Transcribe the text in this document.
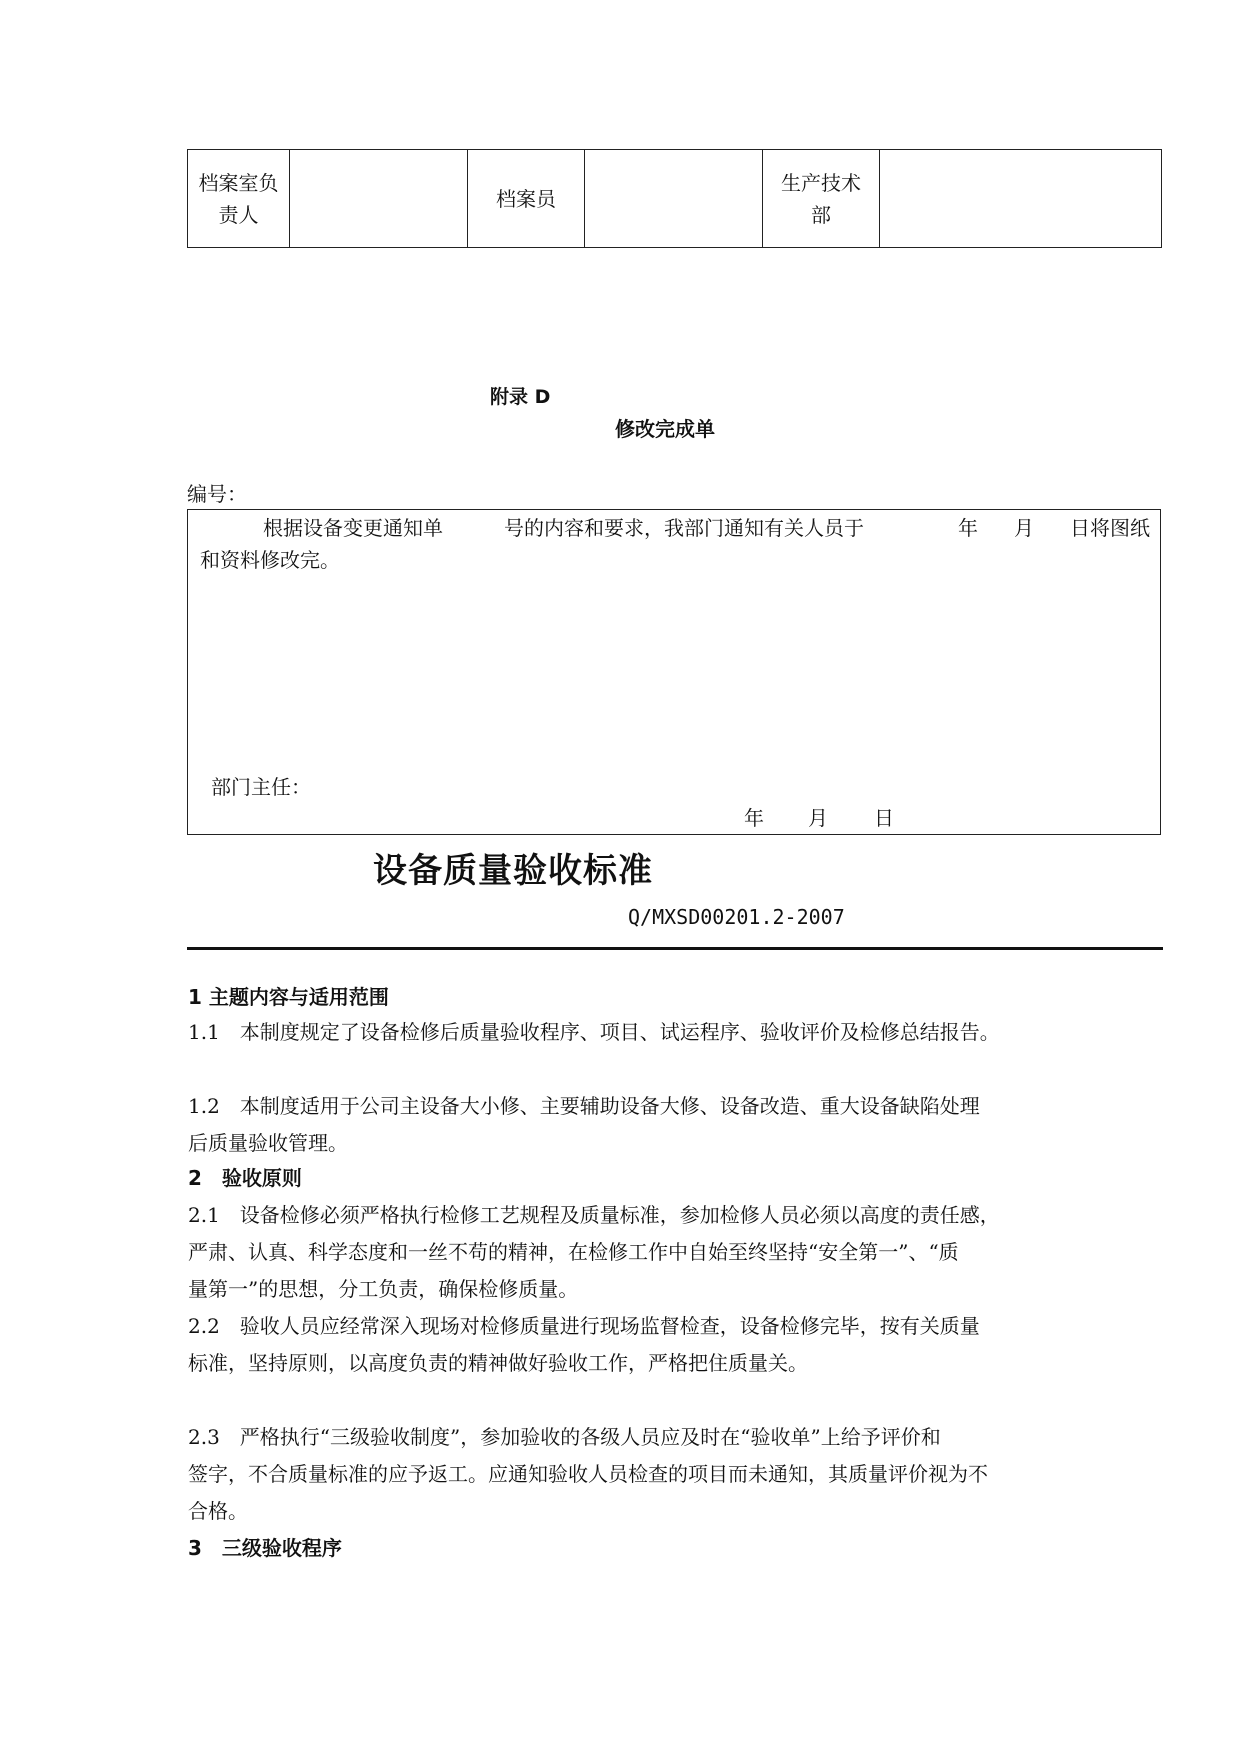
档案室负
责人		档案员		生产技术
部	
附录 D
修改完成单
编号：
根据设备变更通知单	号的内容和要求，我部门通知有关人员于	年 月 日将图纸
和资料修改完。
部门主任：
年 月 日
设备质量验收标准
Q/MXSD00201.2-2007
1 主题内容与适用范围
1.1　本制度规定了设备检修后质量验收程序、项目、试运程序、验收评价及检修总结报告。
1.2　本制度适用于公司主设备大小修、主要辅助设备大修、设备改造、重大设备缺陷处理
后质量验收管理。
2　验收原则
2.1　设备检修必须严格执行检修工艺规程及质量标准，参加检修人员必须以高度的责任感，
严肃、认真、科学态度和一丝不苟的精神，在检修工作中自始至终坚持“安全第一”、“质
量第一”的思想，分工负责，确保检修质量。
2.2　验收人员应经常深入现场对检修质量进行现场监督检查，设备检修完毕，按有关质量
标准，坚持原则，以高度负责的精神做好验收工作，严格把住质量关。
2.3　严格执行“三级验收制度”，参加验收的各级人员应及时在“验收单”上给予评价和
签字，不合质量标准的应予返工。应通知验收人员检查的项目而未通知，其质量评价视为不
合格。
3　三级验收程序
